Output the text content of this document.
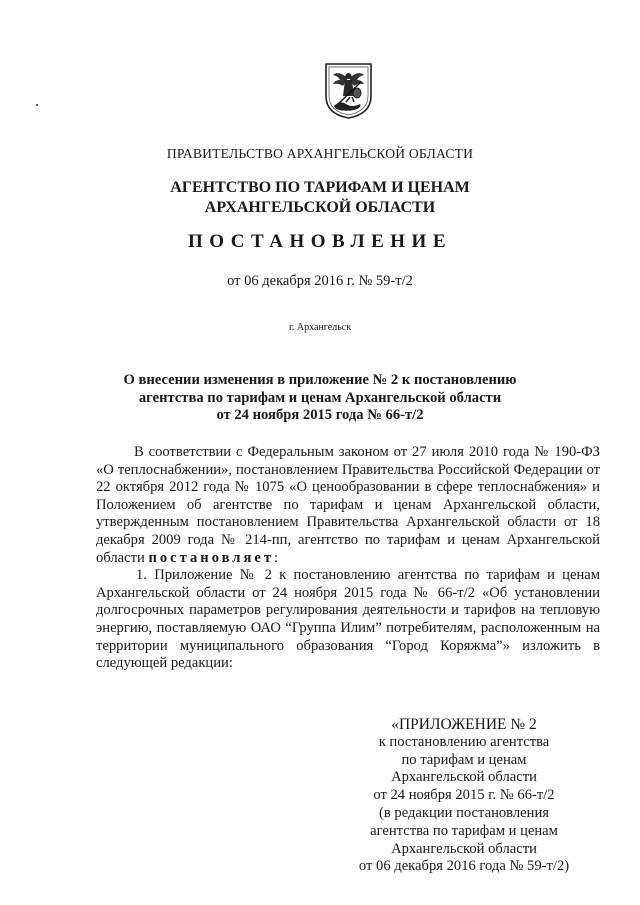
ПРАВИТЕЛЬСТВО АРХАНГЕЛЬСКОЙ ОБЛАСТИ
АГЕНТСТВО ПО ТАРИФАМ И ЦЕНАМ
АРХАНГЕЛЬСКОЙ ОБЛАСТИ
ПОСТАНОВЛЕНИЕ
от 06 декабря 2016 г. № 59-т/2
г. Архангельск
О внесении изменения в приложение № 2 к постановлению
агентства по тарифам и ценам Архангельской области
от 24 ноября 2015 года № 66-т/2

В соответствии с Федеральным законом от 27 июля 2010 года № 190-ФЗ «О теплоснабжении», постановлением Правительства Российской Федерации от 22 октября 2012 года № 1075 «О ценообразовании в сфере теплоснабжения» и Положением об агентстве по тарифам и ценам Архангельской области, утвержденным постановлением Правительства Архангельской области от 18 декабря 2009 года № 214-пп, агентство по тарифам и ценам Архангельской области постановляет:

1. Приложение № 2 к постановлению агентства по тарифам и ценам Архангельской области от 24 ноября 2015 года № 66-т/2 «Об установлении долгосрочных параметров регулирования деятельности и тарифов на тепловую энергию, поставляемую ОАО “Группа Илим” потребителям, расположенным на территории муниципального образования “Город Коряжма”» изложить в следующей редакции:

«ПРИЛОЖЕНИЕ № 2
к постановлению агентства
по тарифам и ценам
Архангельской области
от 24 ноября 2015 г. № 66-т/2
(в редакции постановления
агентства по тарифам и ценам
Архангельской области
от 06 декабря 2016 года № 59-т/2)
